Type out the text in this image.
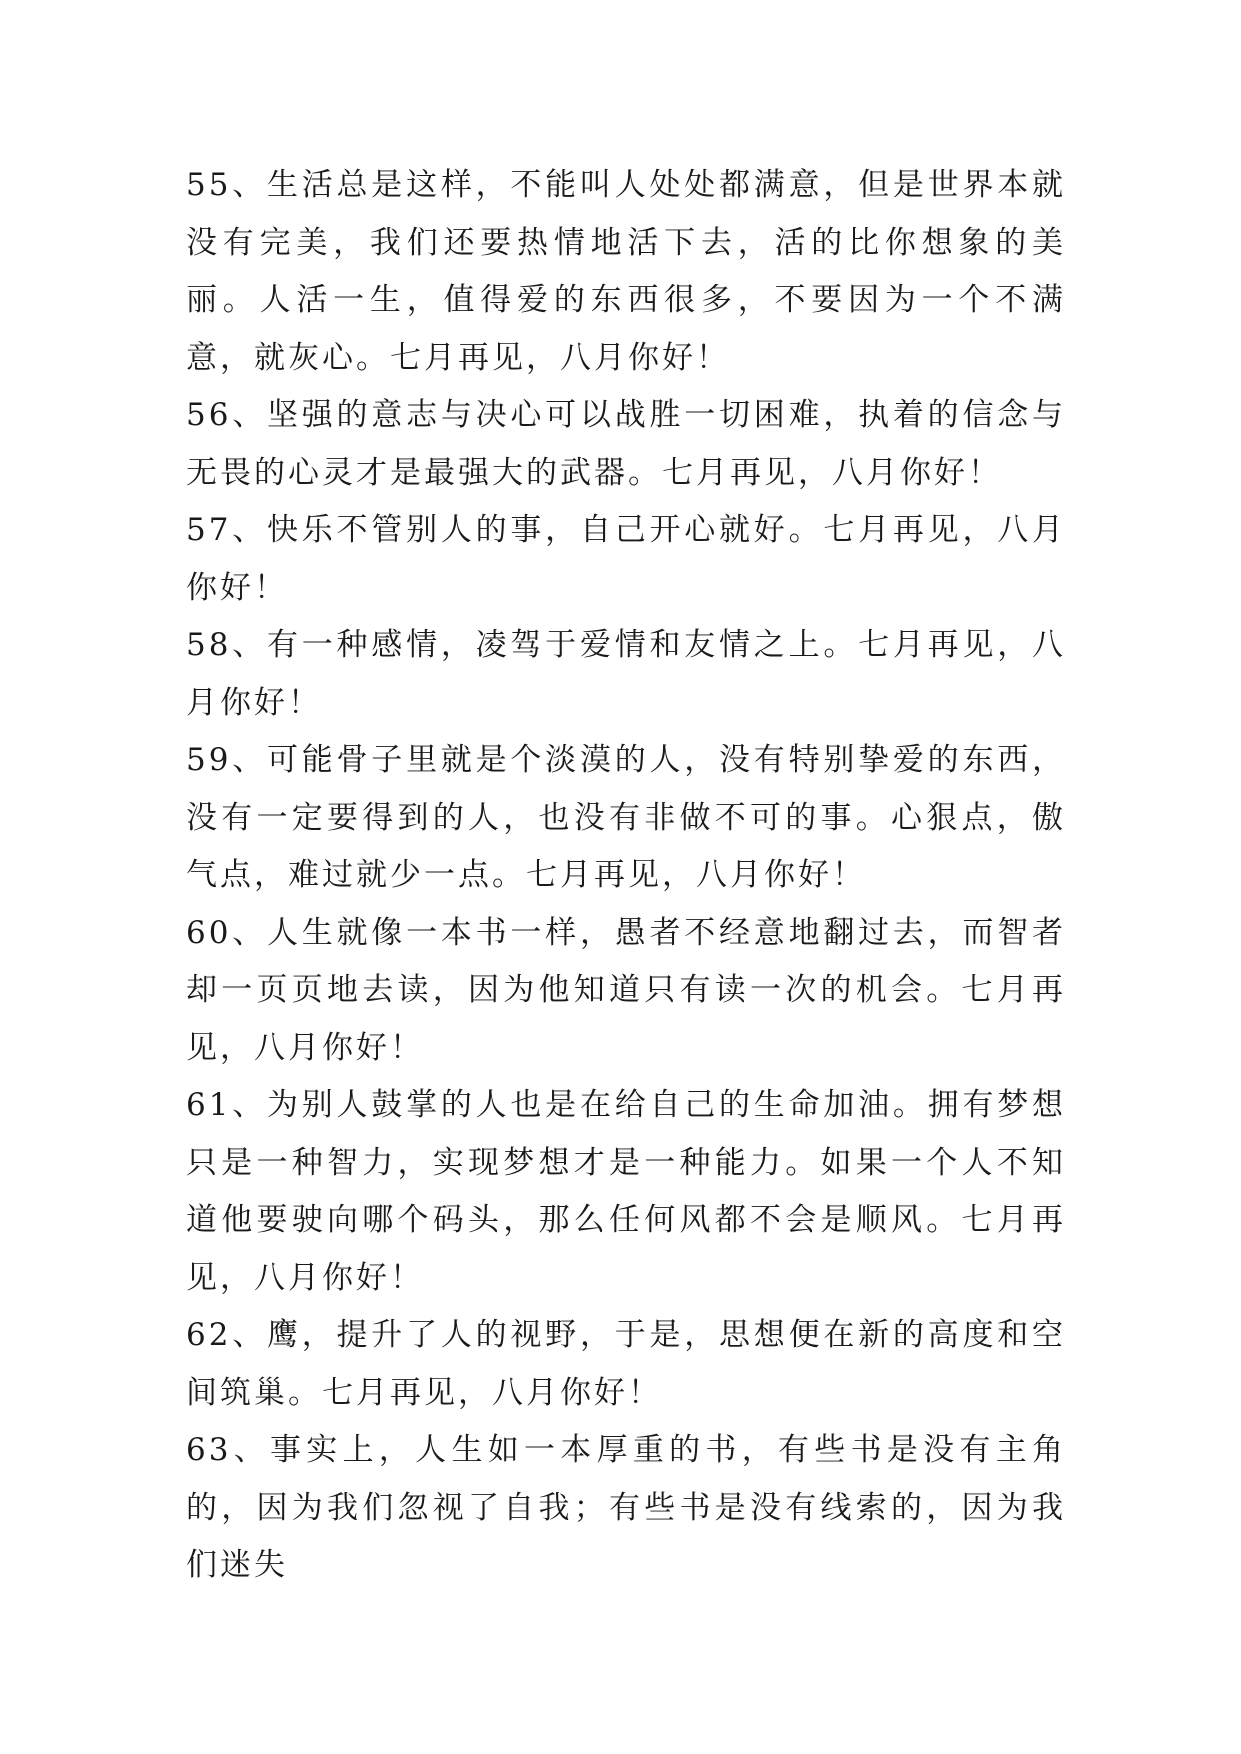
55、生活总是这样，不能叫人处处都满意，但是世界本就没有完美，我们还要热情地活下去，活的比你想象的美丽。人活一生，值得爱的东西很多，不要因为一个不满意，就灰心。七月再见，八月你好！

56、坚强的意志与决心可以战胜一切困难，执着的信念与无畏的心灵才是最强大的武器。七月再见，八月你好！

57、快乐不管别人的事，自己开心就好。七月再见，八月你好！

58、有一种感情，凌驾于爱情和友情之上。七月再见，八月你好！

59、可能骨子里就是个淡漠的人，没有特别挚爱的东西，没有一定要得到的人，也没有非做不可的事。心狠点，傲气点，难过就少一点。七月再见，八月你好！

60、人生就像一本书一样，愚者不经意地翻过去，而智者却一页页地去读，因为他知道只有读一次的机会。七月再见，八月你好！

61、为别人鼓掌的人也是在给自己的生命加油。拥有梦想只是一种智力，实现梦想才是一种能力。如果一个人不知道他要驶向哪个码头，那么任何风都不会是顺风。七月再见，八月你好！

62、鹰，提升了人的视野，于是，思想便在新的高度和空间筑巢。七月再见，八月你好！

63、事实上，人生如一本厚重的书，有些书是没有主角的，因为我们忽视了自我；有些书是没有线索的，因为我们迷失
